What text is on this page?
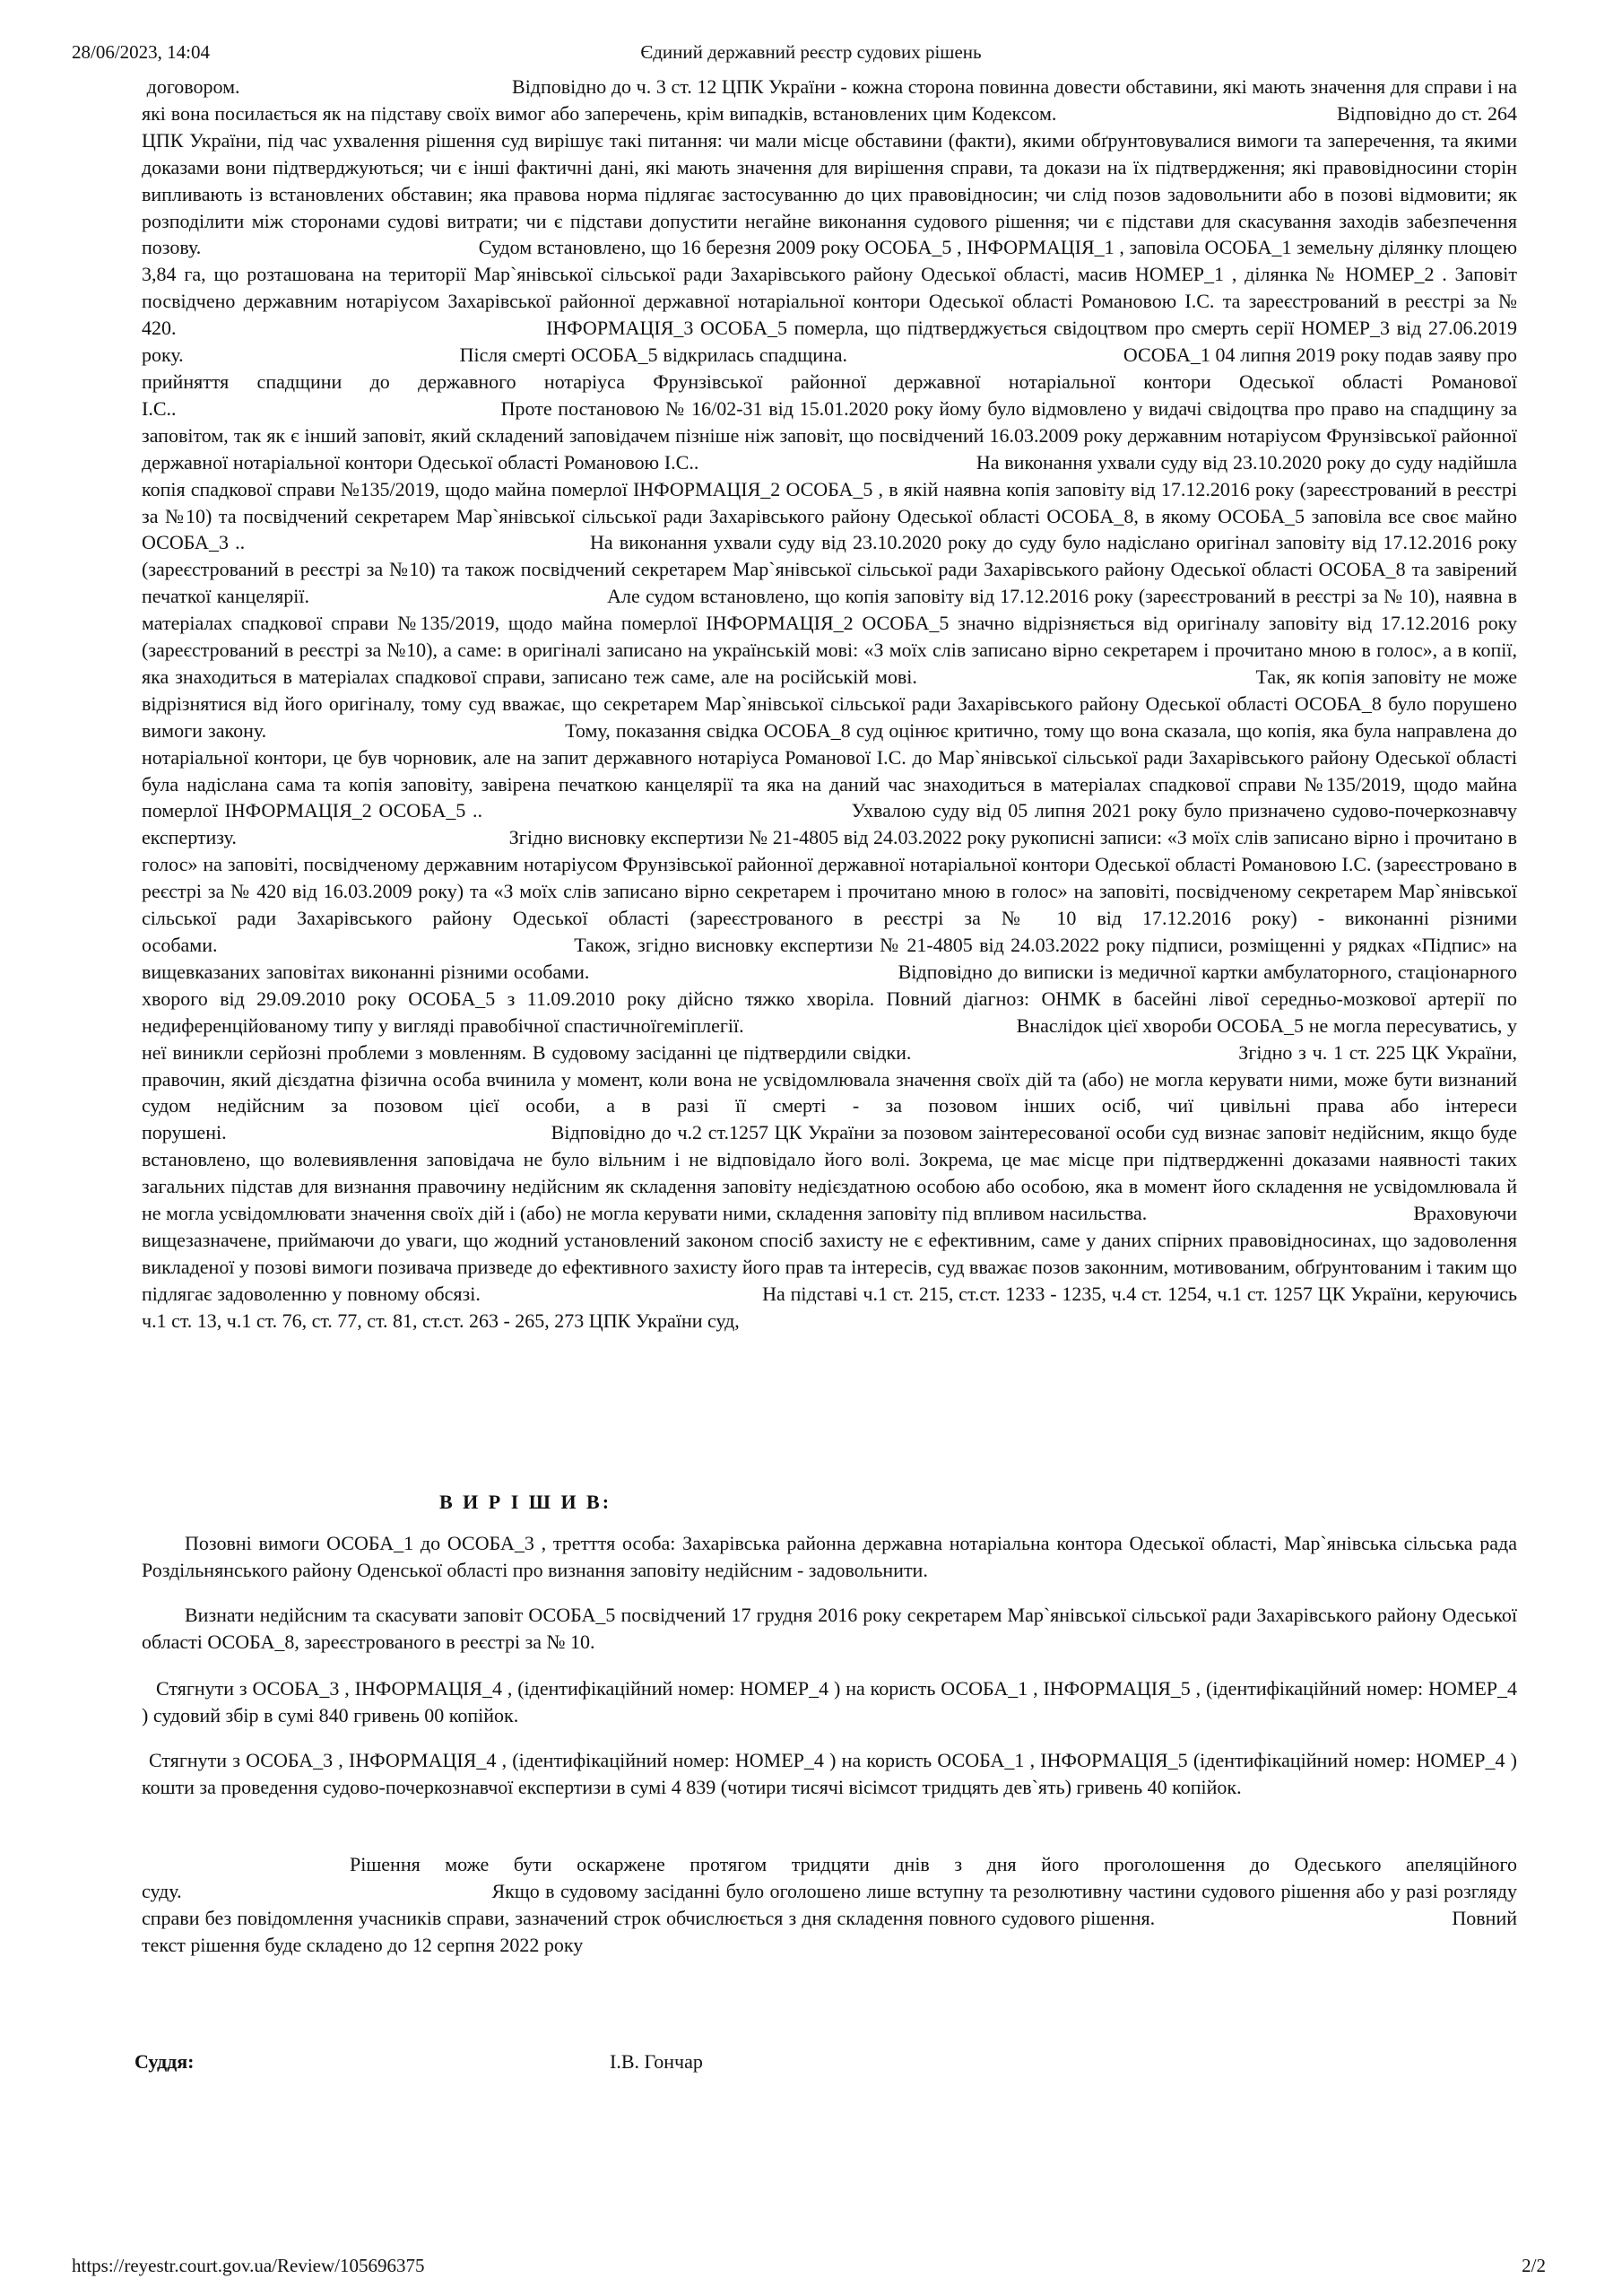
28/06/2023, 14:04	Єдиний державний реєстр судових рішень

договором.	Відповідно до ч. 3 ст. 12 ЦПК України - кожна сторона повинна довести обставини, які мають значення для справи і на які вона посилається як на підставу своїх вимог або заперечень, крім випадків, встановлених цим Кодексом.	Відповідно до ст. 264 ЦПК України, під час ухвалення рішення суд вирішує такі питання: чи мали місце обставини (факти), якими обґрунтовувалися вимоги та заперечення, та якими доказами вони підтверджуються; чи є інші фактичні дані, які мають значення для вирішення справи, та докази на їх підтвердження; які правовідносини сторін випливають із встановлених обставин; яка правова норма підлягає застосуванню до цих правовідносин; чи слід позов задовольнити або в позові відмовити; як розподілити між сторонами судові витрати; чи є підстави допустити негайне виконання судового рішення; чи є підстави для скасування заходів забезпечення позову.	Судом встановлено, що 16 березня 2009 року ОСОБА_5 , ІНФОРМАЦІЯ_1 , заповіла ОСОБА_1 земельну ділянку площею 3,84 га, що розташована на території Мар`янівської сільської ради Захарівського району Одеської області, масив НОМЕР_1 , ділянка № НОМЕР_2 . Заповіт посвідчено державним нотаріусом Захарівської районної державної нотаріальної контори Одеської області Романовою І.С. та зареєстрований в реєстрі за № 420.	ІНФОРМАЦІЯ_3 ОСОБА_5 померла, що підтверджується свідоцтвом про смерть серії НОМЕР_3 від 27.06.2019 року.	Після смерті ОСОБА_5 відкрилась спадщина.	ОСОБА_1 04 липня 2019 року подав заяву про прийняття спадщини до державного нотаріуса Фрунзівської районної державної нотаріальної контори Одеської області Романової І.С..	Проте постановою № 16/02-31 від 15.01.2020 року йому було відмовлено у видачі свідоцтва про право на спадщину за заповітом, так як є інший заповіт, який складений заповідачем пізніше ніж заповіт, що посвідчений 16.03.2009 року державним нотаріусом Фрунзівської районної державної нотаріальної контори Одеської області Романовою І.С..	На виконання ухвали суду від 23.10.2020 року до суду надійшла копія спадкової справи №135/2019, щодо майна померлої ІНФОРМАЦІЯ_2 ОСОБА_5 , в якій наявна копія заповіту від 17.12.2016 року (зареєстрований в реєстрі за №10) та посвідчений секретарем Мар`янівської сільської ради Захарівського району Одеської області ОСОБА_8, в якому ОСОБА_5 заповіла все своє майно ОСОБА_3 ..	На виконання ухвали суду від 23.10.2020 року до суду було надіслано оригінал заповіту від 17.12.2016 року (зареєстрований в реєстрі за №10) та також посвідчений секретарем Мар`янівської сільської ради Захарівського району Одеської області ОСОБА_8 та завірений печаткої канцелярії.	Але судом встановлено, що копія заповіту від 17.12.2016 року (зареєстрований в реєстрі за № 10), наявна в матеріалах спадкової справи №135/2019, щодо майна померлої ІНФОРМАЦІЯ_2 ОСОБА_5 значно відрізняється від оригіналу заповіту від 17.12.2016 року (зареєстрований в реєстрі за №10), а саме: в оригіналі записано на українській мові: «З моїх слів записано вірно секретарем і прочитано мною в голос», а в копії, яка знаходиться в матеріалах спадкової справи, записано теж саме, але на російській мові.	Так, як копія заповіту не може відрізнятися від його оригіналу, тому суд вважає, що секретарем Мар`янівської сільської ради Захарівського району Одеської області ОСОБА_8 було порушено вимоги закону.	Тому, показання свідка ОСОБА_8 суд оцінює критично, тому що вона сказала, що копія, яка була направлена до нотаріальної контори, це був чорновик, але на запит державного нотаріуса Романової І.С. до Мар`янівської сільської ради Захарівського району Одеської області була надіслана сама та копія заповіту, завірена печаткою канцелярії та яка на даний час знаходиться в матеріалах спадкової справи №135/2019, щодо майна померлої ІНФОРМАЦІЯ_2 ОСОБА_5 ..	Ухвалою суду від 05 липня 2021 року було призначено судово-почеркознавчу експертизу.	Згідно висновку експертизи № 21-4805 від 24.03.2022 року рукописні записи: «З моїх слів записано вірно і прочитано в голос» на заповіті, посвідченому державним нотаріусом Фрунзівської районної державної нотаріальної контори Одеської області Романовою І.С. (зареєстровано в реєстрі за № 420 від 16.03.2009 року) та «З моїх слів записано вірно секретарем і прочитано мною в голос» на заповіті, посвідченому секретарем Мар`янівської сільської ради Захарівського району Одеської області (зареєстрованого в реєстрі за № 10 від 17.12.2016 року) - виконанні різними особами.	Також, згідно висновку експертизи № 21-4805 від 24.03.2022 року підписи, розміщенні у рядках «Підпис» на вищевказаних заповітах виконанні різними особами.	Відповідно до виписки із медичної картки амбулаторного, стаціонарного хворого від 29.09.2010 року ОСОБА_5 з 11.09.2010 року дійсно тяжко хворіла. Повний діагноз: ОНМК в басейні лівої середньо-мозкової артерії по недиференційованому типу у вигляді правобічної спастичноїгеміплегії.	Внаслідок цієї хвороби ОСОБА_5 не могла пересуватись, у неї виникли серйозні проблеми з мовленням. В судовому засіданні це підтвердили свідки.	Згідно з ч. 1 ст. 225 ЦК України, правочин, який дієздатна фізична особа вчинила у момент, коли вона не усвідомлювала значення своїх дій та (або) не могла керувати ними, може бути визнаний судом недійсним за позовом цієї особи, а в разі її смерті - за позовом інших осіб, чиї цивільні права або інтереси порушені.	Відповідно до ч.2 ст.1257 ЦК України за позовом заінтересованої особи суд визнає заповіт недійсним, якщо буде встановлено, що волевиявлення заповідача не було вільним і не відповідало його волі. Зокрема, це має місце при підтвердженні доказами наявності таких загальних підстав для визнання правочину недійсним як складення заповіту недієздатною особою або особою, яка в момент його складення не усвідомлювала й не могла усвідомлювати значення своїх дій і (або) не могла керувати ними, складення заповіту під впливом насильства.	Враховуючи вищезазначене, приймаючи до уваги, що жодний установлений законом спосіб захисту не є ефективним, саме у даних спірних правовідносинах, що задоволення викладеної у позові вимоги позивача призведе до ефективного захисту його прав та інтересів, суд вважає позов законним, мотивованим, обґрунтованим і таким що підлягає задоволенню у повному обсязі.	На підставі ч.1 ст. 215, ст.ст. 1233 - 1235, ч.4 ст. 1254, ч.1 ст. 1257 ЦК України, керуючись ч.1 ст. 13, ч.1 ст. 76, ст. 77, ст. 81, ст.ст. 263 - 265, 273 ЦПК України суд,

В И Р І Ш И В:

Позовні вимоги ОСОБА_1 до ОСОБА_3 , третття особа: Захарівська районна державна нотаріальна контора Одеської області, Мар`янівська сільська рада Роздільнянського району Оденської області про визнання заповіту недійсним - задовольнити.

Визнати недійсним та скасувати заповіт ОСОБА_5 посвідчений 17 грудня 2016 року секретарем Мар`янівської сільської ради Захарівського району Одеської області ОСОБА_8, зареєстрованого в реєстрі за № 10.

Стягнути з ОСОБА_3 , ІНФОРМАЦІЯ_4 , (ідентифікаційний номер: НОМЕР_4 ) на користь ОСОБА_1 , ІНФОРМАЦІЯ_5 , (ідентифікаційний номер: НОМЕР_4 ) судовий збір в сумі 840 гривень 00 копійок.

Стягнути з ОСОБА_3 , ІНФОРМАЦІЯ_4 , (ідентифікаційний номер: НОМЕР_4 ) на користь ОСОБА_1 , ІНФОРМАЦІЯ_5 (ідентифікаційний номер: НОМЕР_4 ) кошти за проведення судово-почеркознавчої експертизи в сумі 4 839 (чотири тисячі вісімсот тридцять дев`ять) гривень 40 копійок.

Рішення може бути оскаржене протягом тридцяти днів з дня його проголошення до Одеського апеляційного суду.	Якщо в судовому засіданні було оголошено лише вступну та резолютивну частини судового рішення або у разі розгляду справи без повідомлення учасників справи, зазначений строк обчислюється з дня складення повного судового рішення.	Повний текст рішення буде складено до 12 серпня 2022 року

Суддя:	І.В. Гончар
https://reyestr.court.gov.ua/Review/105696375	2/2
